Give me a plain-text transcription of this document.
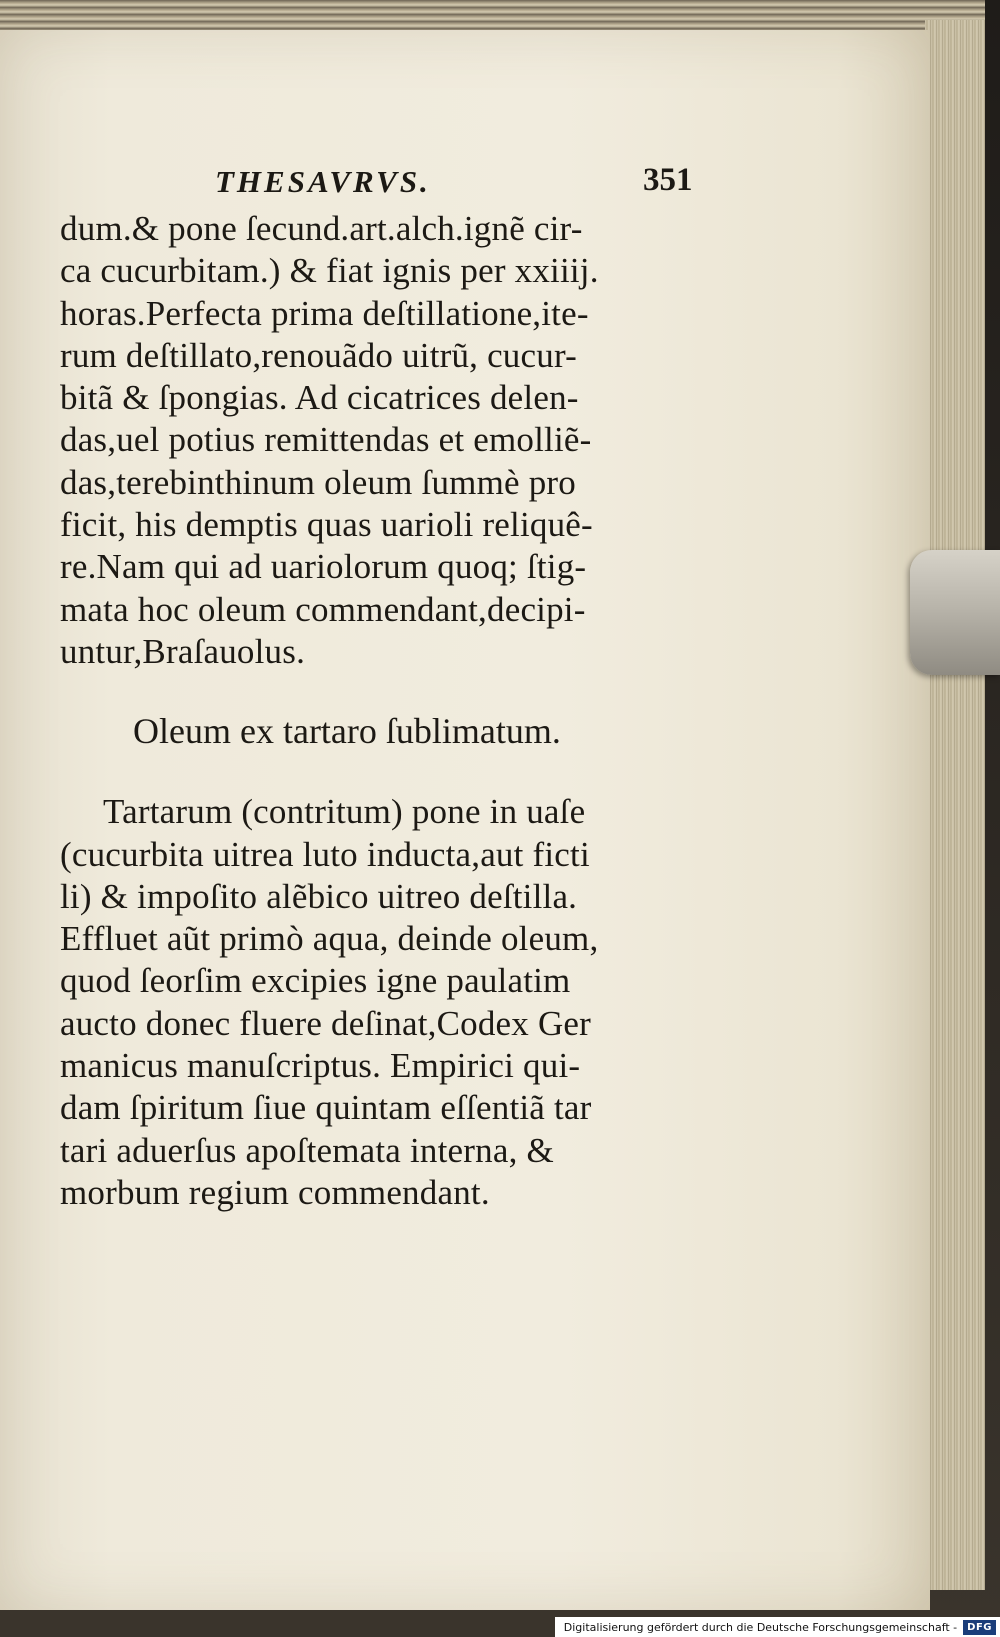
THESAVRVS.	351

dum.& pone ſecund.art.alch.ignẽ cir-
ca cucurbitam.) & fiat ignis per xxiiij.
horas.Perfecta prima deſtillatione,ite-
rum deſtillato,renouãdo uitrũ, cucur-
bitã & ſpongias. Ad cicatrices delen-
das,uel potius remittendas et emolliẽ-
das,terebinthinum oleum ſummè pro
ficit, his demptis quas uarioli reliquê-
re.Nam qui ad uariolorum quoq; ſtig-
mata hoc oleum commendant,decipi-
untur,Braſauolus.

Oleum ex tartaro ſublimatum.

Tartarum (contritum) pone in uaſe
(cucurbita uitrea luto inducta,aut ficti
li) & impoſito alẽbico uitreo deſtilla.
Effluet aũt primò aqua, deinde oleum,
quod ſeorſim excipies igne paulatim
aucto donec fluere deſinat,Codex Ger
manicus manuſcriptus. Empirici qui-
dam ſpiritum ſiue quintam eſſentiã tar
tari aduerſus apoſtemata interna, &
morbum regium commendant.

Digitalisierung gefördert durch die Deutsche Forschungsgemeinschaft -	DFG
